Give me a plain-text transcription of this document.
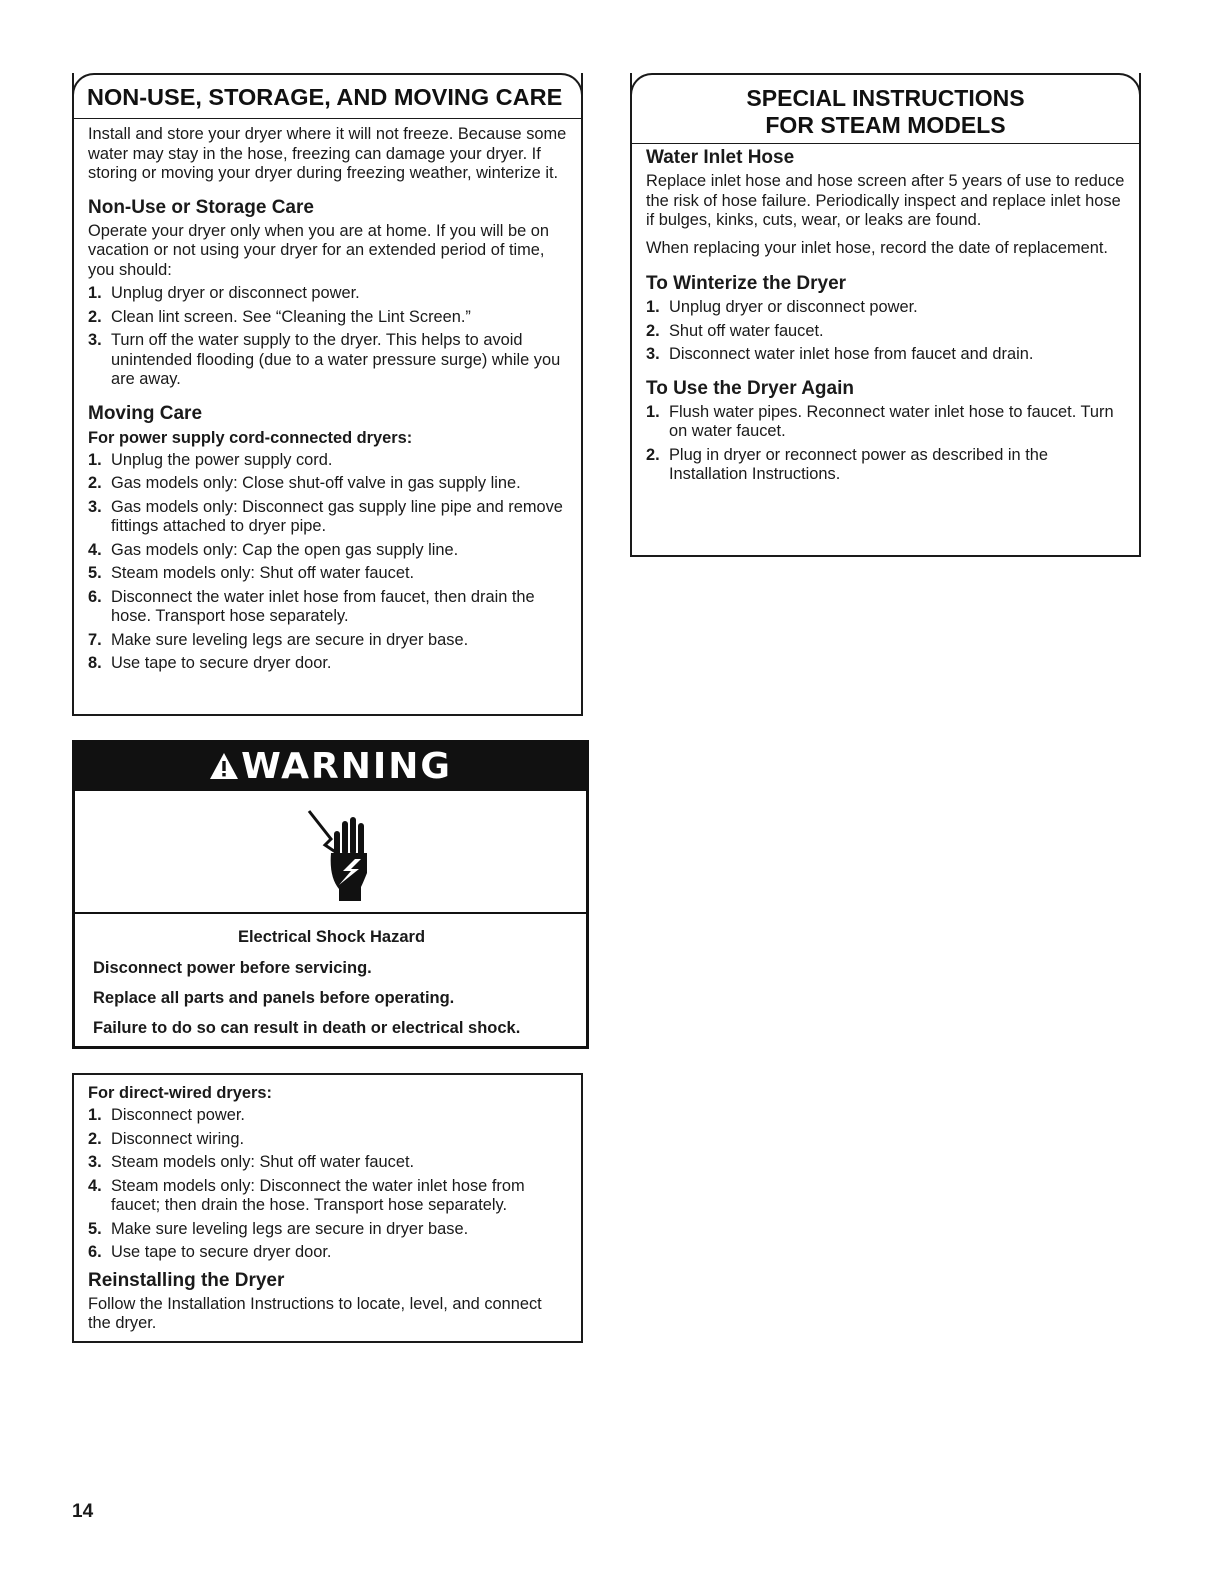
NON-USE, STORAGE, AND MOVING CARE

Install and store your dryer where it will not freeze. Because some water may stay in the hose, freezing can damage your dryer. If storing or moving your dryer during freezing weather, winterize it.

Non-Use or Storage Care

Operate your dryer only when you are at home. If you will be on vacation or not using your dryer for an extended period of time, you should:

1. Unplug dryer or disconnect power.
2. Clean lint screen. See “Cleaning the Lint Screen.”
3. Turn off the water supply to the dryer. This helps to avoid unintended flooding (due to a water pressure surge) while you are away.
Moving Care
For power supply cord-connected dryers:
1. Unplug the power supply cord.
2. Gas models only: Close shut-off valve in gas supply line.
3. Gas models only: Disconnect gas supply line pipe and remove fittings attached to dryer pipe.
4. Gas models only: Cap the open gas supply line.
5. Steam models only: Shut off water faucet.
6. Disconnect the water inlet hose from faucet, then drain the hose. Transport hose separately.
7. Make sure leveling legs are secure in dryer base.
8. Use tape to secure dryer door.
WARNING

Electrical Shock Hazard

Disconnect power before servicing.

Replace all parts and panels before operating.

Failure to do so can result in death or electrical shock.

For direct-wired dryers:
1. Disconnect power.
2. Disconnect wiring.
3. Steam models only: Shut off water faucet.
4. Steam models only: Disconnect the water inlet hose from faucet; then drain the hose. Transport hose separately.
5. Make sure leveling legs are secure in dryer base.
6. Use tape to secure dryer door.
Reinstalling the Dryer

Follow the Installation Instructions to locate, level, and connect the dryer.

SPECIAL INSTRUCTIONS
FOR STEAM MODELS
Water Inlet Hose

Replace inlet hose and hose screen after 5 years of use to reduce the risk of hose failure. Periodically inspect and replace inlet hose if bulges, kinks, cuts, wear, or leaks are found.

When replacing your inlet hose, record the date of replacement.

To Winterize the Dryer
1. Unplug dryer or disconnect power.
2. Shut off water faucet.
3. Disconnect water inlet hose from faucet and drain.
To Use the Dryer Again
1. Flush water pipes. Reconnect water inlet hose to faucet. Turn on water faucet.
2. Plug in dryer or reconnect power as described in the Installation Instructions.
14
